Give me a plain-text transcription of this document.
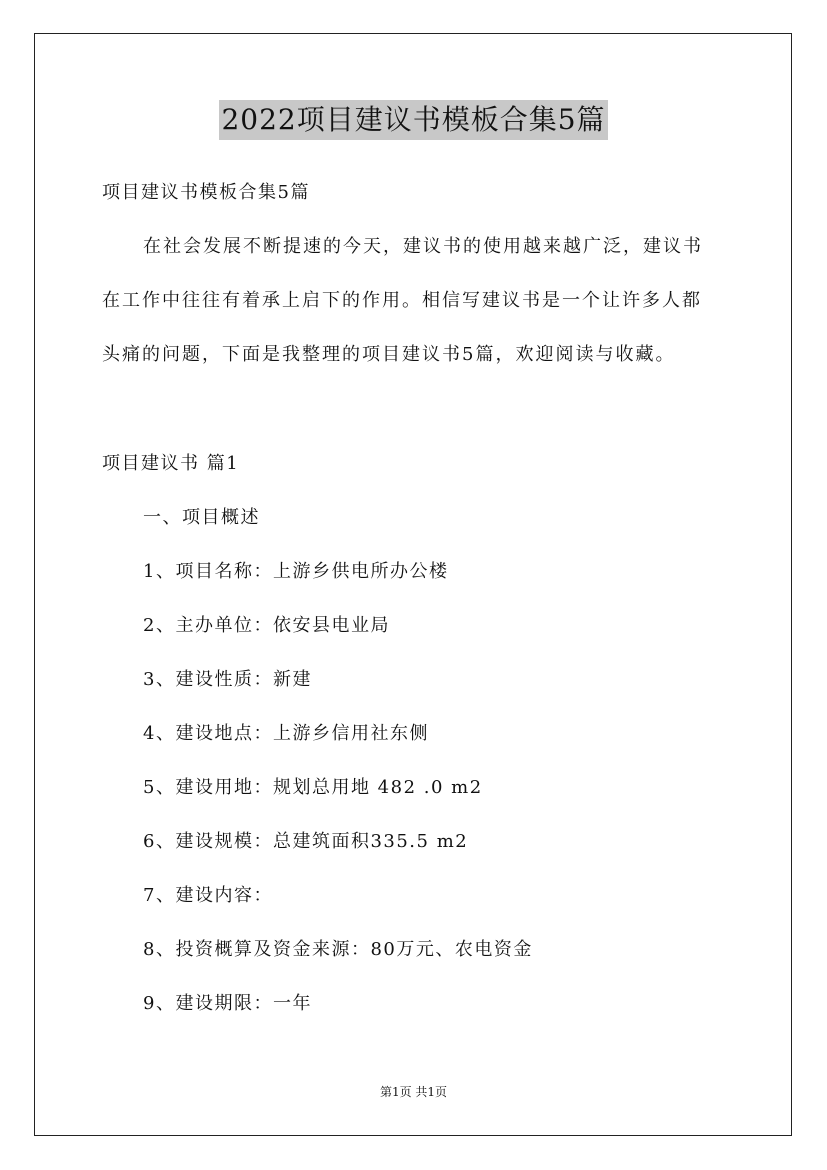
2022项目建议书模板合集5篇
项目建议书模板合集5篇
在社会发展不断提速的今天，建议书的使用越来越广泛，建议书
在工作中往往有着承上启下的作用。相信写建议书是一个让许多人都
头痛的问题，下面是我整理的项目建议书5篇，欢迎阅读与收藏。
项目建议书 篇1
一、项目概述
1、项目名称：上游乡供电所办公楼
2、主办单位：依安县电业局
3、建设性质：新建
4、建设地点：上游乡信用社东侧
5、建设用地：规划总用地 482 .0 m2
6、建设规模：总建筑面积335.5 m2
7、建设内容：
8、投资概算及资金来源：80万元、农电资金
9、建设期限：一年
第1页 共1页
